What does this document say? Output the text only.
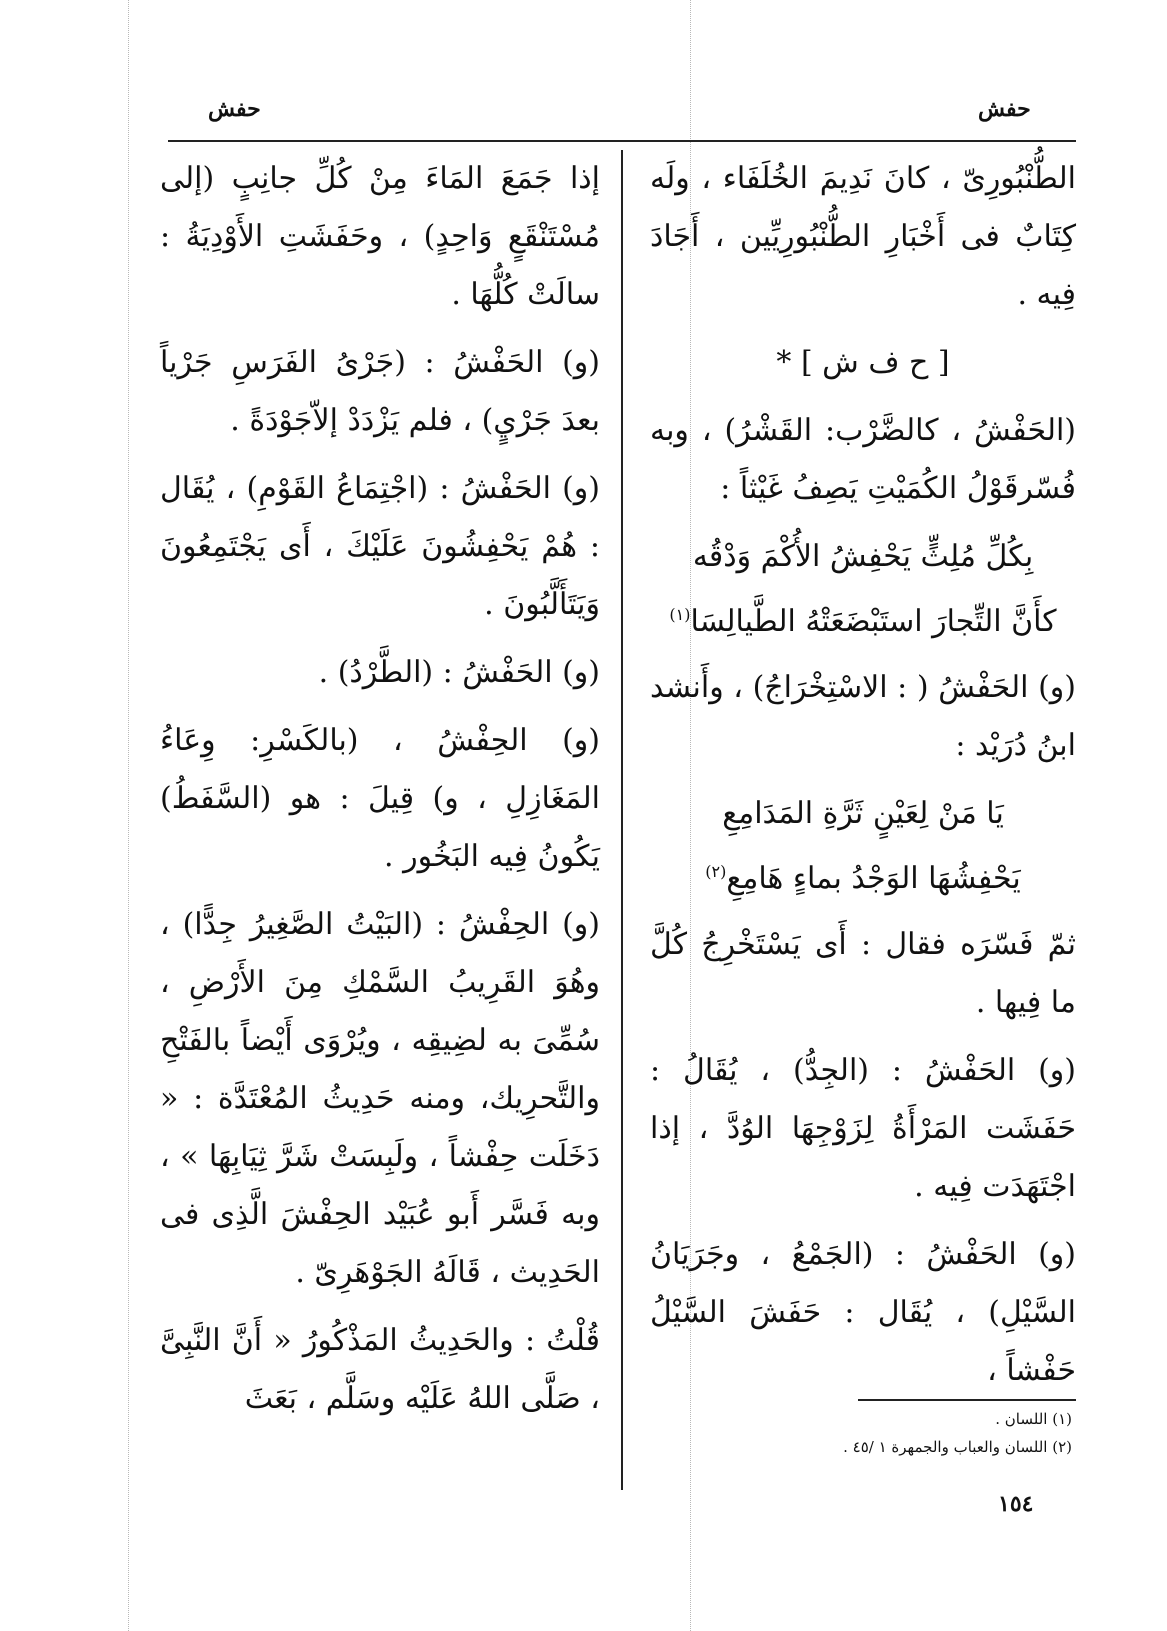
حفش	حفش

الطُّنْبُورِىّ ، كانَ نَدِيمَ الخُلَفَاء ، ولَه كِتَابٌ فى أَخْبَارِ الطُّنْبُورِيِّين ، أَجَادَ فِيه .

[ ح ف ش ] *

(الحَفْشُ ، كالضَّرْب: القَشْرُ) ، وبه فُسّرقَوْلُ الكُمَيْتِ يَصِفُ غَيْثاً :

بِكُلِّ مُلِثٍّ يَحْفِشُ الأُكْمَ وَدْقُه
كأَنَّ التِّجارَ استَبْضَعَتْهُ الطَّيالِسَا$^{(١)}$

(و) الحَفْشُ ( : الاسْتِخْرَاجُ) ، وأَنشد ابنُ دُرَيْد :

يَا مَنْ لِعَيْنٍ ثَرَّةِ المَدَامِعِ
يَحْفِشُهَا الوَجْدُ بماءٍ هَامِعِ$^{(٢)}$

ثمّ فَسّرَه فقال : أَى يَسْتَخْرِجُ كُلَّ ما فِيها .

(و) الحَفْشُ : (الجِدُّ) ، يُقَالُ : حَفَشَت المَرْأَةُ لِزَوْجِهَا الوُدَّ ، إذا اجْتَهَدَت فِيه .

(و) الحَفْشُ : (الجَمْعُ ، وجَرَيَانُ السَّيْلِ) ، يُقَال : حَفَشَ السَّيْلُ حَفْشاً ،

إذا جَمَعَ المَاءَ مِنْ كُلِّ جانِبٍ (إلى مُسْتَنْقَعٍ وَاحِدٍ) ، وحَفَشَتِ الأَوْدِيَةُ : سالَتْ كُلُّهَا .

(و) الحَفْشُ : (جَرْىُ الفَرَسِ جَرْياً بعدَ جَرْيٍ) ، فلم يَزْدَدْ إلاّجَوْدَةً .

(و) الحَفْشُ : (اجْتِمَاعُ القَوْمِ) ، يُقَال : هُمْ يَحْفِشُونَ عَلَيْكَ ، أَى يَجْتَمِعُونَ وَيَتَأَلَّبُونَ .

(و) الحَفْشُ : (الطَّرْدُ) .

(و) الحِفْشُ ، (بالكَسْرِ: وِعَاءُ المَغَازِلِ ، و) قِيلَ : هو (السَّفَطُ) يَكُونُ فِيه البَخُور .

(و) الحِفْشُ : (البَيْتُ الصَّغِيرُ جِدًّا) ، وهُوَ القَرِيبُ السَّمْكِ مِنَ الأَرْضِ ، سُمِّىَ به لضِيقِه ، ويُرْوَى أَيْضاً بالفَتْحِ والتَّحرِيك، ومنه حَدِيثُ المُعْتَدَّة : « دَخَلَت حِفْشاً ، ولَبِسَتْ شَرَّ ثِيَابِهَا » ، وبه فَسَّر أَبو عُبَيْد الحِفْشَ الَّذِى فى الحَدِيث ، قَالَهُ الجَوْهَرِىّ .

قُلْتُ : والحَدِيثُ المَذْكُورُ « أَنَّ النَّبِىَّ ، صَلَّى اللهُ عَلَيْه وسَلَّم ، بَعَثَ

(١) اللسان .
(٢) اللسان والعباب والجمهرة ١ /٤٥ .
١٥٤
